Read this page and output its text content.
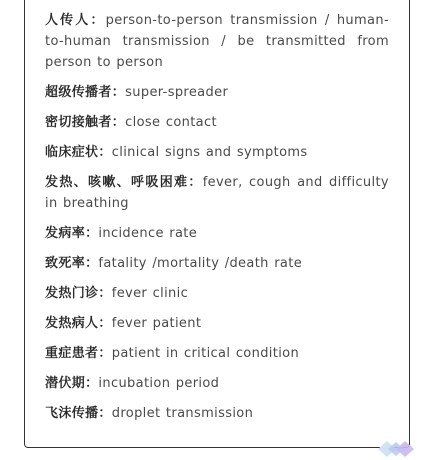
人传人：person-to-person transmission / human-to-human transmission / be transmitted from person to person
超级传播者：super-spreader
密切接触者：close contact
临床症状：clinical signs and symptoms
发热、咳嗽、呼吸困难：fever, cough and difficulty in breathing
发病率：incidence rate
致死率：fatality /mortality /death rate
发热门诊：fever clinic
发热病人：fever patient
重症患者：patient in critical condition
潜伏期：incubation period
飞沫传播：droplet transmission
